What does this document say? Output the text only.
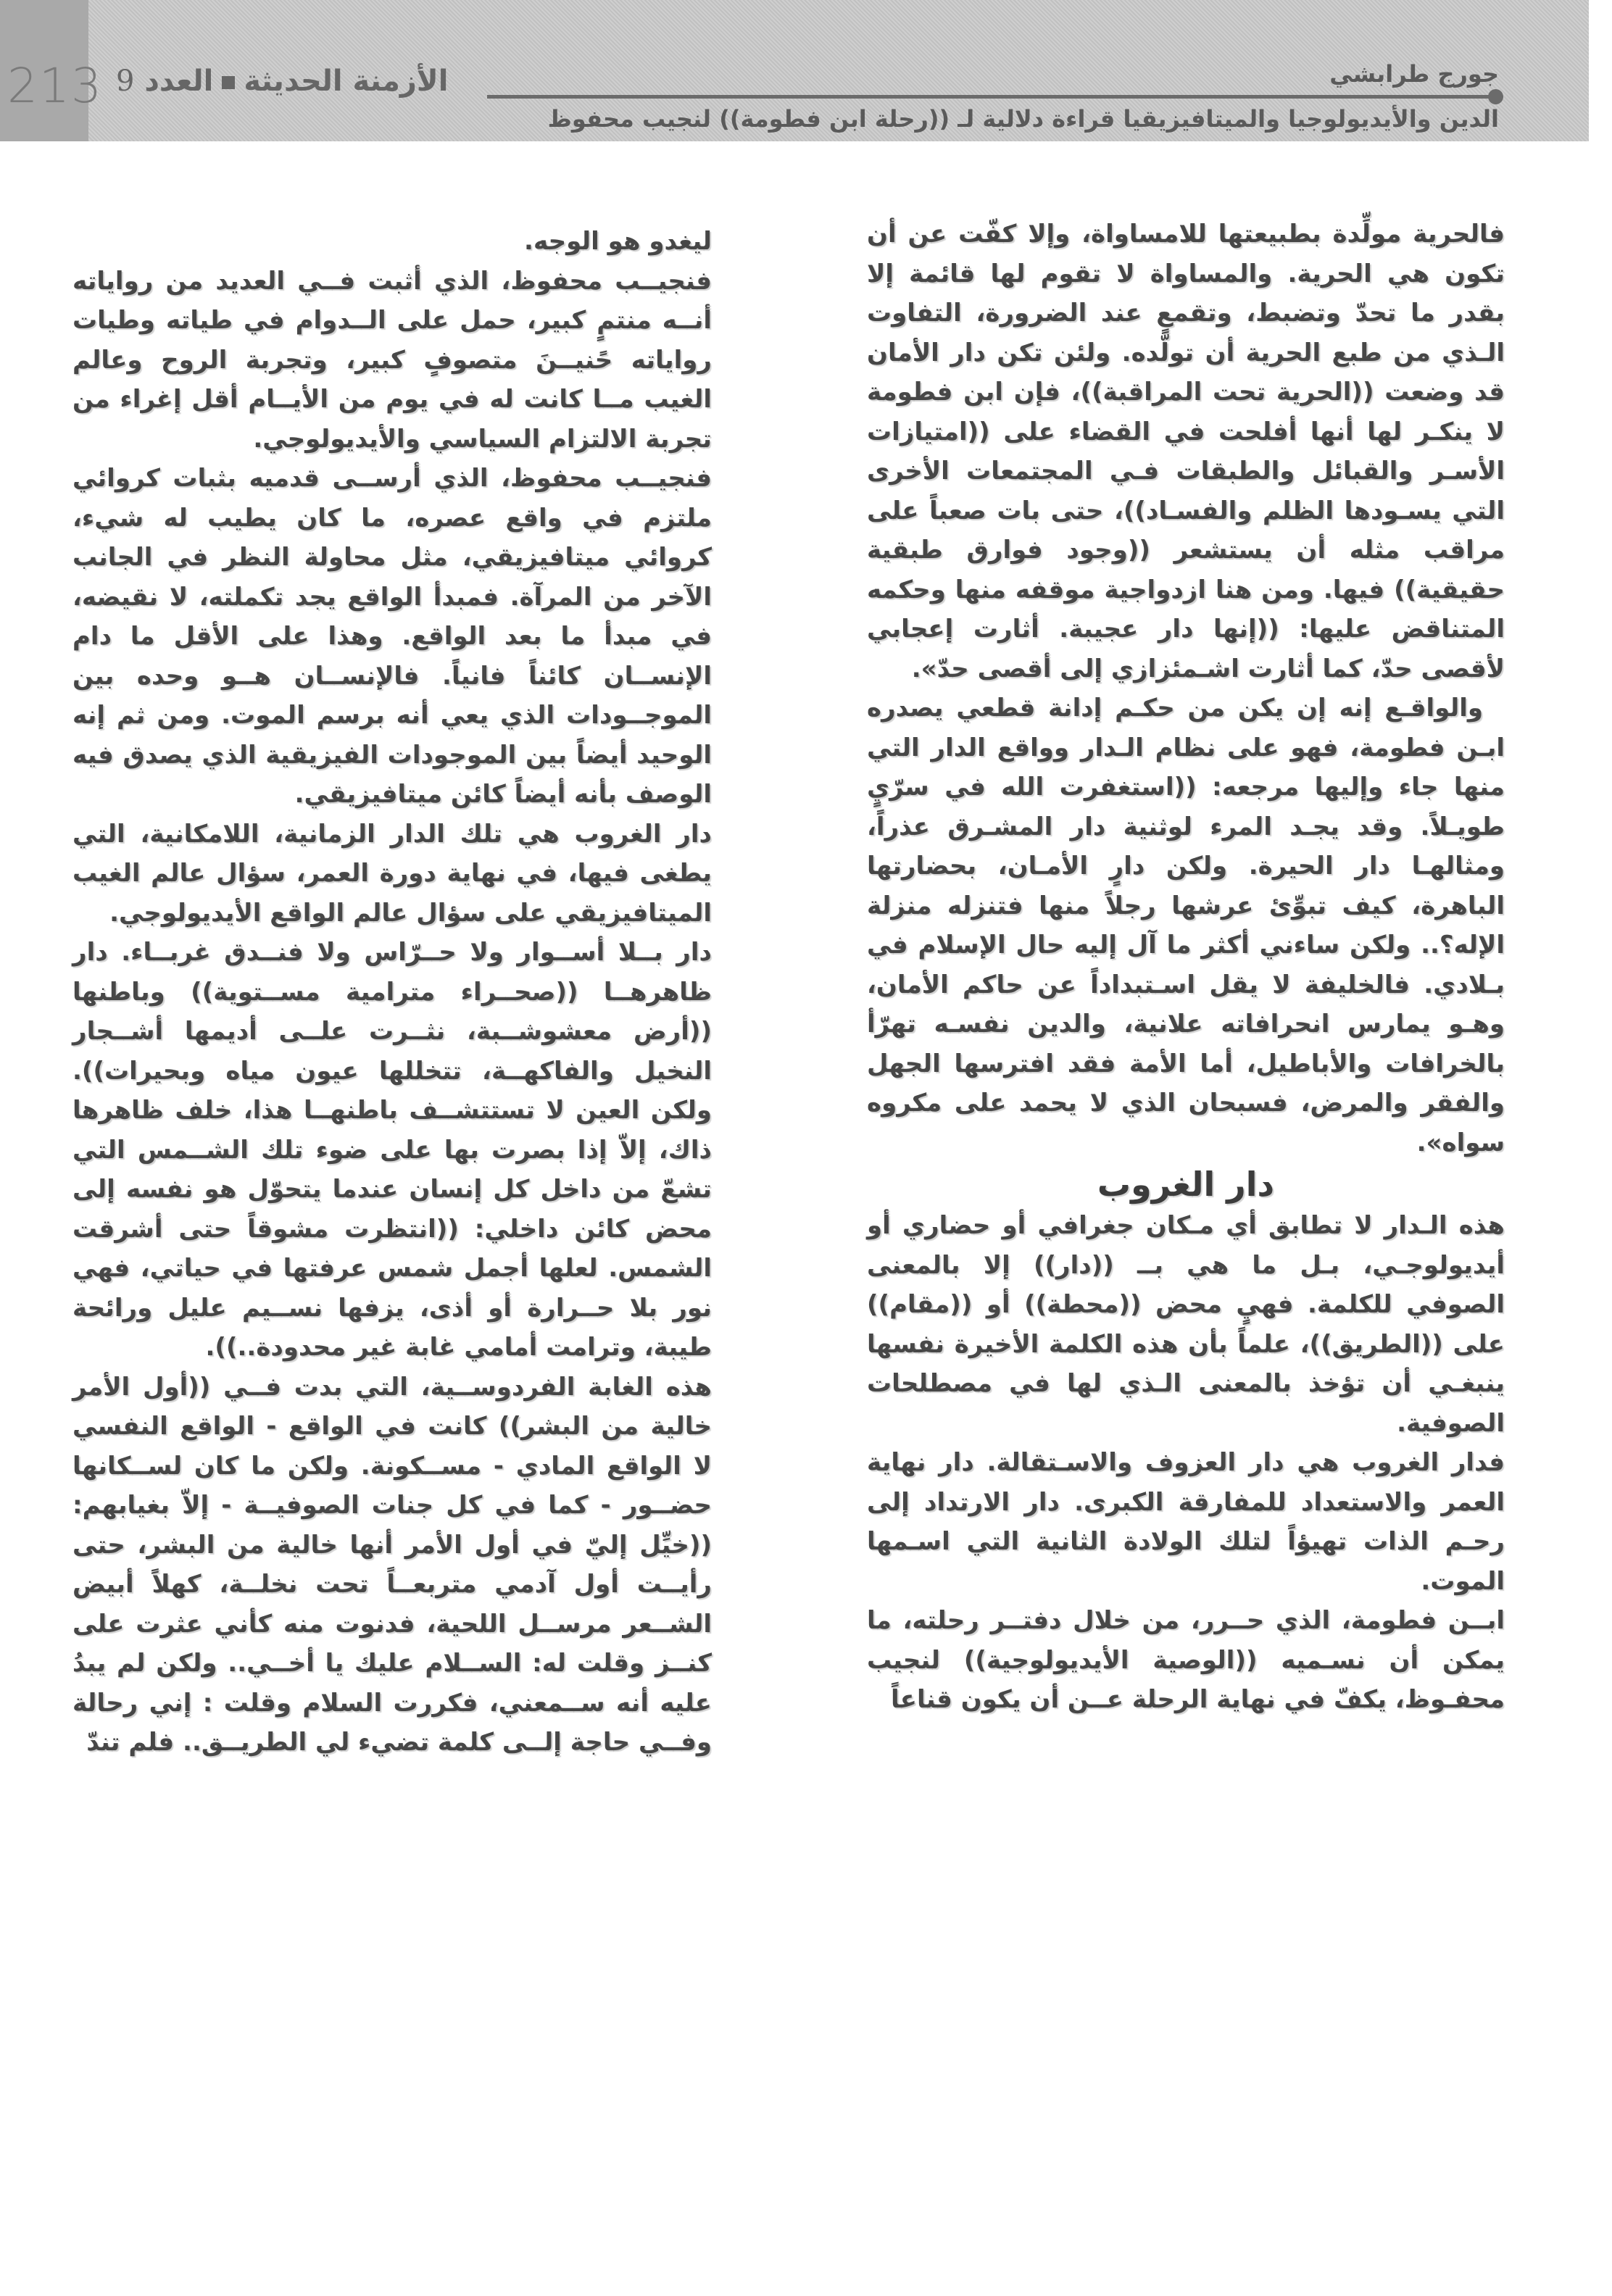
213	الأزمنة الحديثةالعدد 9	جورج طرابشي
الدين والأيديولوجيا والميتافيزيقيا قراءة دلالية لـ ((رحلة ابن فطومة)) لنجيب محفوظ

فالحرية مولِّدة بطبيعتها للامساواة، وإلا كفّت عن أن تكون هي الحرية. والمساواة لا تقوم لها قائمة إلا بقدر ما تحدّ وتضبط، وتقمعٍ عند الضرورة، التفاوت الـذي من طبع الحرية أن تولّده. ولئن تكن دار الأمان قد وضعت ((الحرية تحت المراقبة))، فإن ابن فطومة لا ينكـر لها أنها أفلحت في القضاء على ((امتيازات الأسـر والقبائل والطبقات فـي المجتمعات الأخرى التي يسـودها الظلم والفسـاد))، حتى بات صعباً على مراقب مثله أن يستشعر ((وجود فوارق طبقية حقيقية)) فيها. ومن هنا ازدواجية موقفه منها وحكمه المتناقض عليها: ((إنها دار عجيبة. أثارت إعجابي لأقصى حدّ، كما أثارت اشـمئزازي إلى أقصى حدّ».

والواقـع إنه إن يكن من حكـم إدانة قطعي يصدره ابـن فطومة، فهو على نظام الـدار وواقع الدار التي منها جاء وإليها مرجعه: ((استغفرت الله في سرّيٍ طويـلاً. وقد يجـد المرء لوثنية دار المشـرق عذراً، ومثالهـا دار الحيرة. ولكن دارٍ الأمـان، بحضارتها الباهرة، كيف تبوِّئ عرشها رجلاً منها فتنزله منزلة الإله؟.. ولكن ساءني أكثر ما آل إليه حال الإسلام في بـلادي. فالخليفة لا يقل اسـتبداداً عن حاكم الأمان، وهـو يمارس انحرافاته علانية، والدين نفسـه تهرّأ بالخرافات والأباطيل، أما الأمة فقد افترسها الجهل والفقر والمرض، فسبحان الذي لا يحمد على مكروه سواه».

دار الغروب

هذه الـدار لا تطابق أي مـكان جغرافي أو حضاري أو أيديولوجـي، بـل ما هي بــ ((دار)) إلا بالمعنى الصوفي للكلمة. فهيٍ محض ((محطة)) أو ((مقام)) على ((الطريق))، علماً بأن هذه الكلمة الأخيرة نفسها ينبغـي أن تؤخذ بالمعنى الـذي لها في مصطلحات الصوفية.

فدار الغروب هي دار العزوف والاسـتقالة. دار نهاية العمر والاستعداد للمفارقة الكبرى. دار الارتداد إلى رحـم الذات تهيؤاً لتلك الولادة الثانية التي اسـمها الموت.

ابــن فطومة، الذي حــرر، من خلال دفتــر رحلته، ما يمكن أن نسـميه ((الوصية الأيديولوجية)) لنجيب محفـوظ، يكفّ في نهاية الرحلة عــن أن يكون قناعاً

ليغدو هو الوجه.

فنجيــب محفوظ، الذي أثبت فــي العديد من رواياته أنــه منتمٍ كبير، حمل على الــدوام في طياته وطيات رواياته حًنيــنَ متصوفٍ كبير، وتجربة الروح وعالم الغيب مــا كانت له في يوم من الأيــام أقل إغراء من تجربة الالتزام السياسي والأيديولوجي.

فنجيــب محفوظ، الذي أرســى قدميه بثبات كروائي ملتزم في واقع عصره، ما كان يطيب له شيء، كروائي ميتافيزيقي، مثل محاولة النظر في الجانب الآخر من المرآة. فمبدأ الواقع يجد تكملته، لا نقيضه، في مبدأ ما بعد الواقع. وهذا على الأقل ما دام الإنســان كائناً فانياً. فالإنســان هــو وحده بين الموجــودات الذي يعي أنه برسم الموت. ومن ثم إنه الوحيد أيضاً بين الموجودات الفيزيقية الذي يصدق فيه الوصف بأنه أيضاً كائن ميتافيزيقي.

دار الغروب هي تلك الدار الزمانية، اللامكانية، التي يطغى فيها، في نهاية دورة العمر، سؤال عالم الغيب الميتافيزيقي على سؤال عالم الواقع الأيديولوجي.

دار بــلا أســوار ولا حــرّاس ولا فنــدق غربــاء. دار ظاهرهــا ((صحــراء مترامية مســتوية)) وباطنها ((أرض معشوشــبة، نثــرت علــى أديمها أشــجار النخيل والفاكهــة، تتخللها عيون مياه وبحيرات)). ولكن العين لا تستتشــف باطنهــا هذا، خلف ظاهرها ذاك، إلاّ إذا بصرت بها على ضوء تلك الشــمس التي تشعّ من داخل كل إنسان عندما يتحوّل هو نفسه إلى محض كائن داخلي: ((انتظرت مشوقاً حتى أشرقت الشمس. لعلها أجمل شمس عرفتها في حياتي، فهي نور بلا حــرارة أو أذى، يزفها نســيم عليل ورائحة طيبة، وترامت أمامي غابة غير محدودة..)).

هذه الغابة الفردوســية، التي بدت فــي ((أول الأمر خالية من البشر)) كانت في الواقع - الواقع النفسي لا الواقع المادي - مســكونة. ولكن ما كان لســكانها حضــور - كما في كل جنات الصوفيــة - إلاّ بغيابهم: ((خيِّل إليّ في أول الأمر أنها خالية من البشر، حتى رأيــت أول آدمي متربعــاً تحت نخلــة، كهلاً أبيض الشــعر مرســل اللحية، فدنوت منه كأني عثرت على كنــز وقلت له: الســلام عليك يا أخــي.. ولكن لم يبدُ عليه أنه ســمعني، فكررت السلام وقلت : إني رحالة وفــي حاجة إلــى كلمة تضيء لي الطريــق.. فلم تندّ
